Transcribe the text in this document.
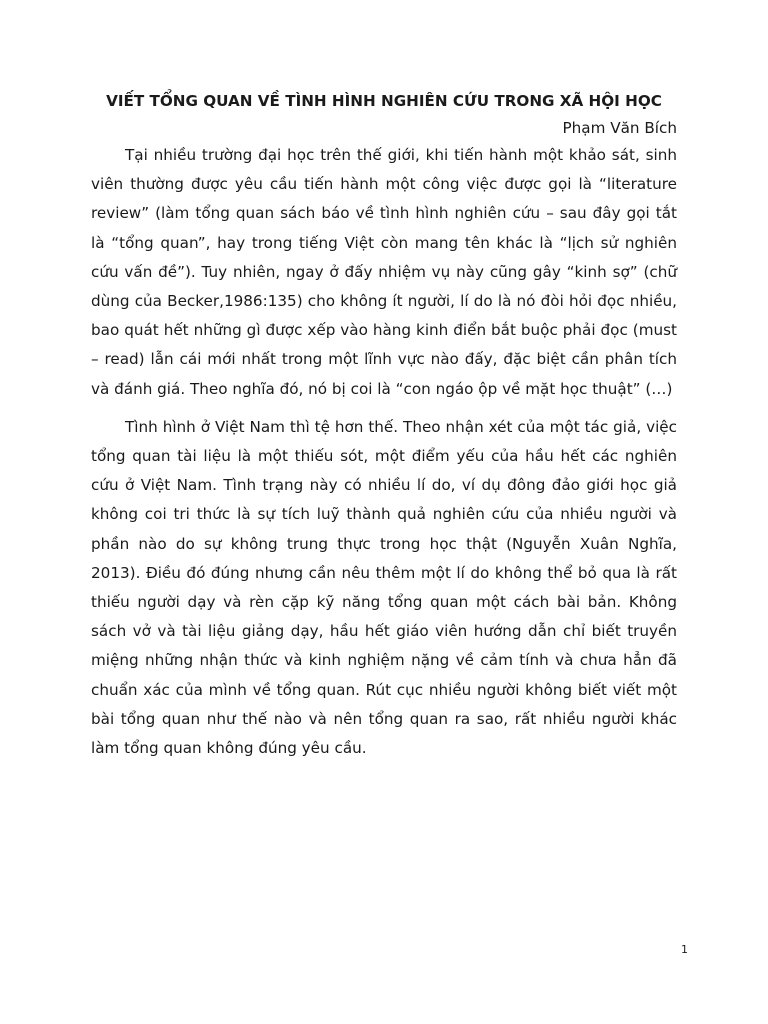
VIẾT TỔNG QUAN VỀ TÌNH HÌNH NGHIÊN CỨU TRONG XÃ HỘI HỌC

Phạm Văn Bích

Tại nhiều trường đại học trên thế giới, khi tiến hành một khảo sát, sinh viên thường được yêu cầu tiến hành một công việc được gọi là “literature review” (làm tổng quan sách báo về tình hình nghiên cứu – sau đây gọi tắt là “tổng quan”, hay trong tiếng Việt còn mang tên khác là “lịch sử nghiên cứu vấn đề”). Tuy nhiên, ngay ở đấy nhiệm vụ này cũng gây “kinh sợ” (chữ dùng của Becker,1986:135) cho không ít người, lí do là nó đòi hỏi đọc nhiều, bao quát hết những gì được xếp vào hàng kinh điển bắt buộc phải đọc (must – read) lẫn cái mới nhất trong một lĩnh vực nào đấy, đặc biệt cần phân tích và đánh giá. Theo nghĩa đó, nó bị coi là “con ngáo ộp về mặt học thuật” (…)

Tình hình ở Việt Nam thì tệ hơn thế. Theo nhận xét của một tác giả, việc tổng quan tài liệu là một thiếu sót, một điểm yếu của hầu hết các nghiên cứu ở Việt Nam. Tình trạng này có nhiều lí do, ví dụ đông đảo giới học giả không coi tri thức là sự tích luỹ thành quả nghiên cứu của nhiều người và phần nào do sự không trung thực trong học thật (Nguyễn Xuân Nghĩa, 2013). Điều đó đúng nhưng cần nêu thêm một lí do không thể bỏ qua là rất thiếu người dạy và rèn cặp kỹ năng tổng quan một cách bài bản. Không sách vở và tài liệu giảng dạy, hầu hết giáo viên hướng dẫn chỉ biết truyền miệng những nhận thức và kinh nghiệm nặng về cảm tính và chưa hẳn đã chuẩn xác của mình về tổng quan. Rút cục nhiều người không biết viết một bài tổng quan như thế nào và nên tổng quan ra sao, rất nhiều người khác làm tổng quan không đúng yêu cầu.

1
